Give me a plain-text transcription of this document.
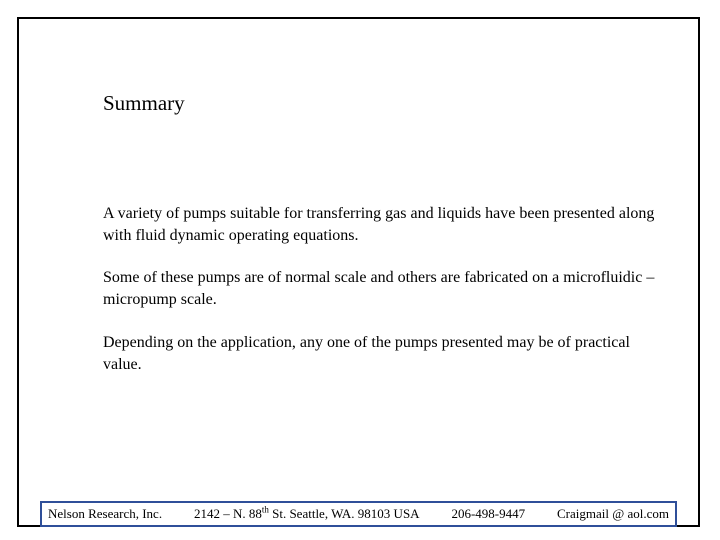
Summary

A variety of pumps suitable for transferring gas and liquids have been presented along with fluid dynamic operating equations.

Some of these pumps are of normal scale and others are fabricated on a microfluidic – micropump scale.

Depending on the application, any one of the pumps presented may be of practical value.

Nelson Research, Inc. 2142 – N. 88th St. Seattle, WA. 98103 USA 206-498-9447 Craigmail @ aol.com
